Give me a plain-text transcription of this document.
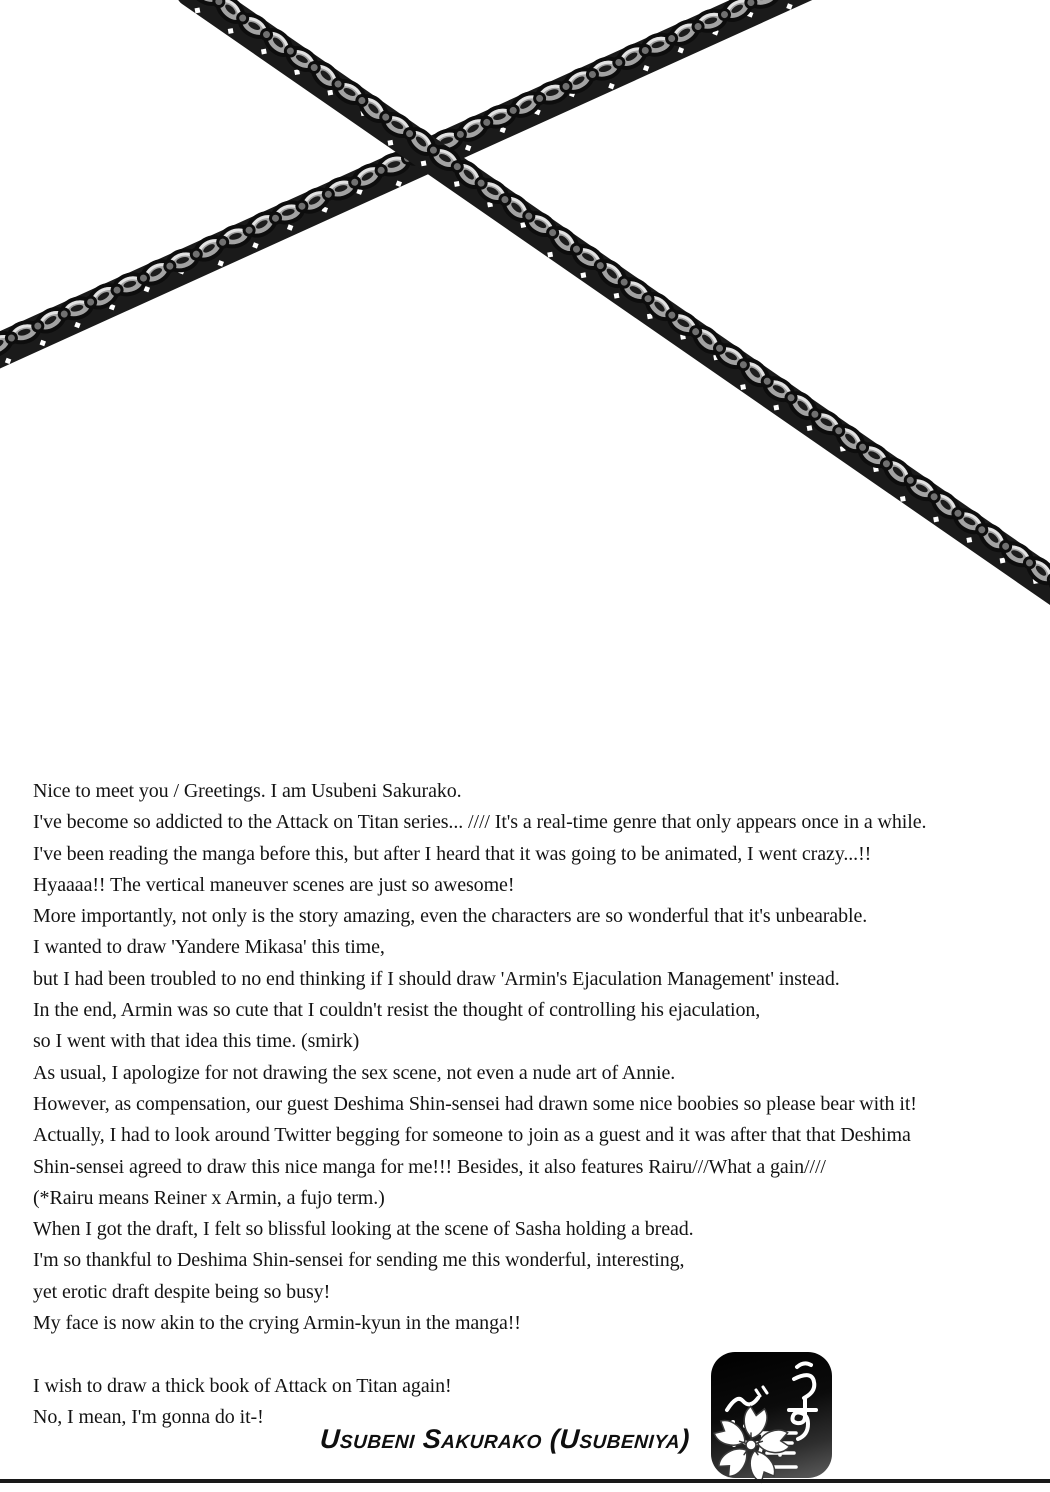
Nice to meet you / Greetings. I am Usubeni Sakurako.

I've become so addicted to the Attack on Titan series... //// It's a real-time genre that only appears once in a while.

I've been reading the manga before this, but after I heard that it was going to be animated, I went crazy...!!

Hyaaaa!! The vertical maneuver scenes are just so awesome!

More importantly, not only is the story amazing, even the characters are so wonderful that it's unbearable.

I wanted to draw 'Yandere Mikasa' this time,

but I had been troubled to no end thinking if I should draw 'Armin's Ejaculation Management' instead.

In the end, Armin was so cute that I couldn't resist the thought of controlling his ejaculation,

so I went with that idea this time. (smirk)

As usual, I apologize for not drawing the sex scene, not even a nude art of Annie.

However, as compensation, our guest Deshima Shin-sensei had drawn some nice boobies so please bear with it!

Actually, I had to look around Twitter begging for someone to join as a guest and it was after that that Deshima

Shin-sensei agreed to draw this nice manga for me!!! Besides, it also features Rairu///What a gain////

(*Rairu means Reiner x Armin, a fujo term.)

When I got the draft, I felt so blissful looking at the scene of Sasha holding a bread.

I'm so thankful to Deshima Shin-sensei for sending me this wonderful, interesting,

yet erotic draft despite being so busy!

My face is now akin to the crying Armin-kyun in the manga!!

I wish to draw a thick book of Attack on Titan again!

No, I mean, I'm gonna do it-!

Usubeni Sakurako (Usubeniya)
